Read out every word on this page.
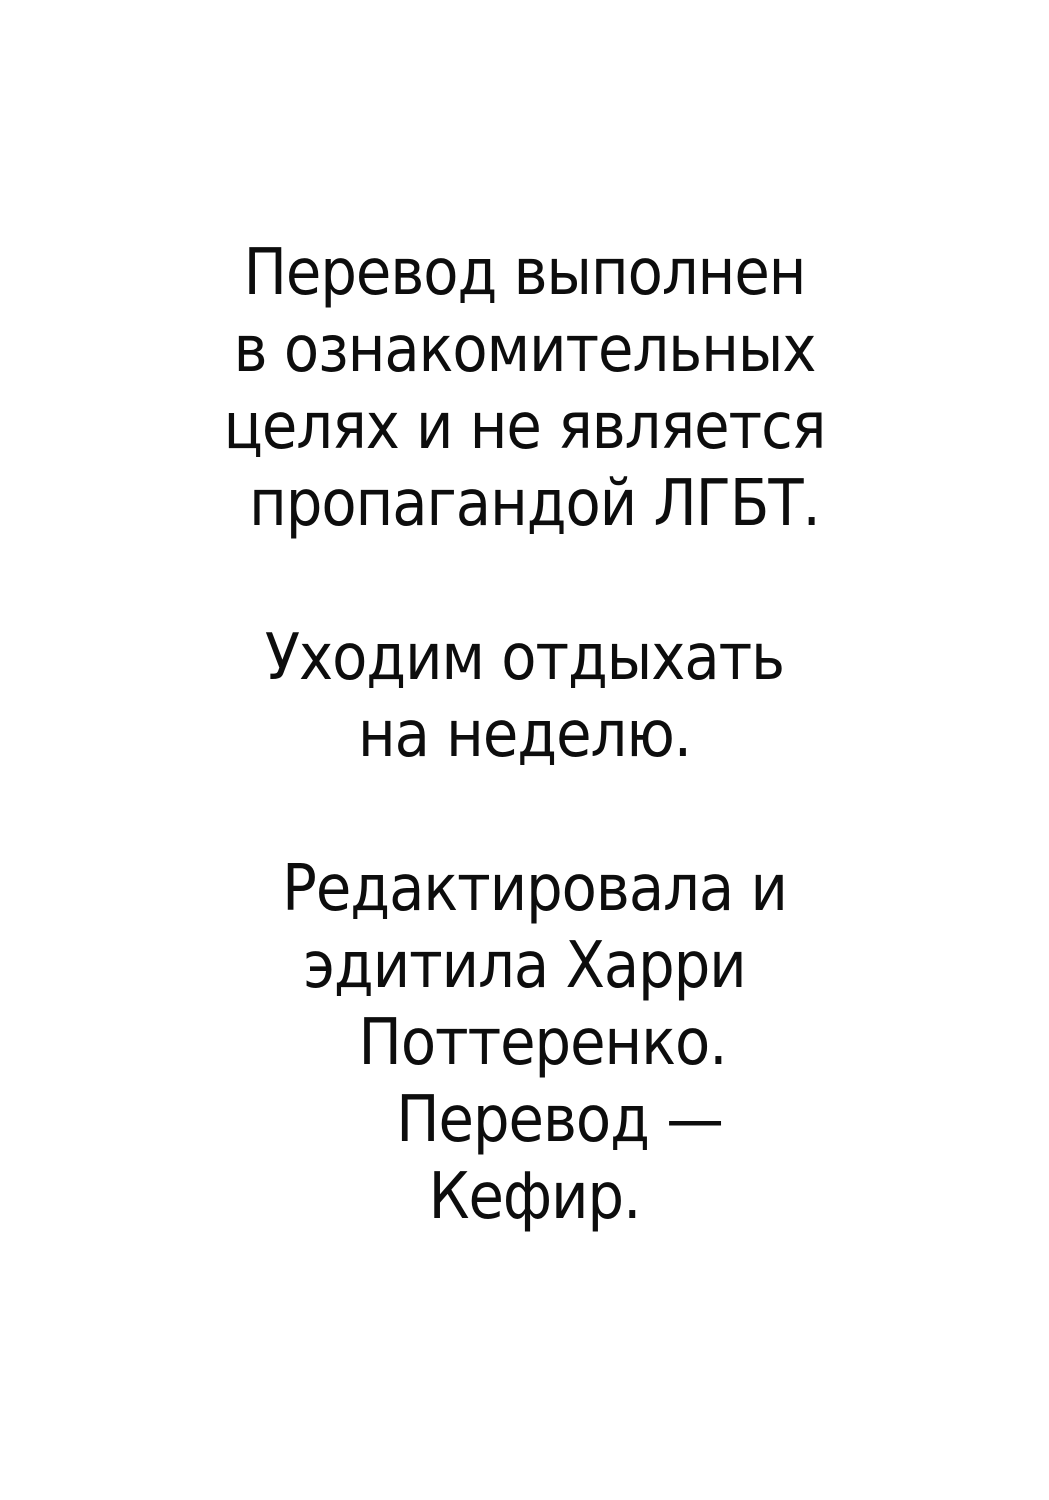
Перевод выполнен
в ознакомительных
целях и не является
пропагандой ЛГБТ.

Уходим отдыхать
на неделю.

Редактировала и
эдитила Харри
Поттеренко.
Перевод —
Кефир.
